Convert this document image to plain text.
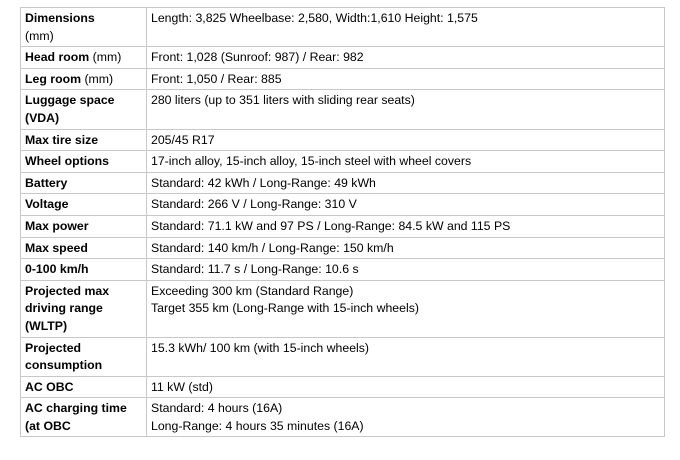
Dimensions
(mm)	Length: 3,825 Wheelbase: 2,580, Width:1,610 Height: 1,575

Head room (mm)	Front: 1,028 (Sunroof: 987) / Rear: 982

Leg room (mm)	Front: 1,050 / Rear: 885

Luggage space (VDA)	280 liters (up to 351 liters with sliding rear seats)

Max tire size	205/45 R17

Wheel options	17-inch alloy, 15-inch alloy, 15-inch steel with wheel covers

Battery	Standard: 42 kWh / Long-Range: 49 kWh

Voltage	Standard: 266 V / Long-Range: 310 V

Max power	Standard: 71.1 kW and 97 PS / Long-Range: 84.5 kW and 115 PS

Max speed	Standard: 140 km/h / Long-Range: 150 km/h

0-100 km/h	Standard: 11.7 s / Long-Range: 10.6 s

Projected max driving range (WLTP)	Exceeding 300 km (Standard Range)
Target 355 km (Long-Range with 15-inch wheels)

Projected consumption	15.3 kWh/ 100 km (with 15-inch wheels)

AC OBC	11 kW (std)

AC charging time (at OBC	Standard: 4 hours (16A)
Long-Range: 4 hours 35 minutes (16A)
